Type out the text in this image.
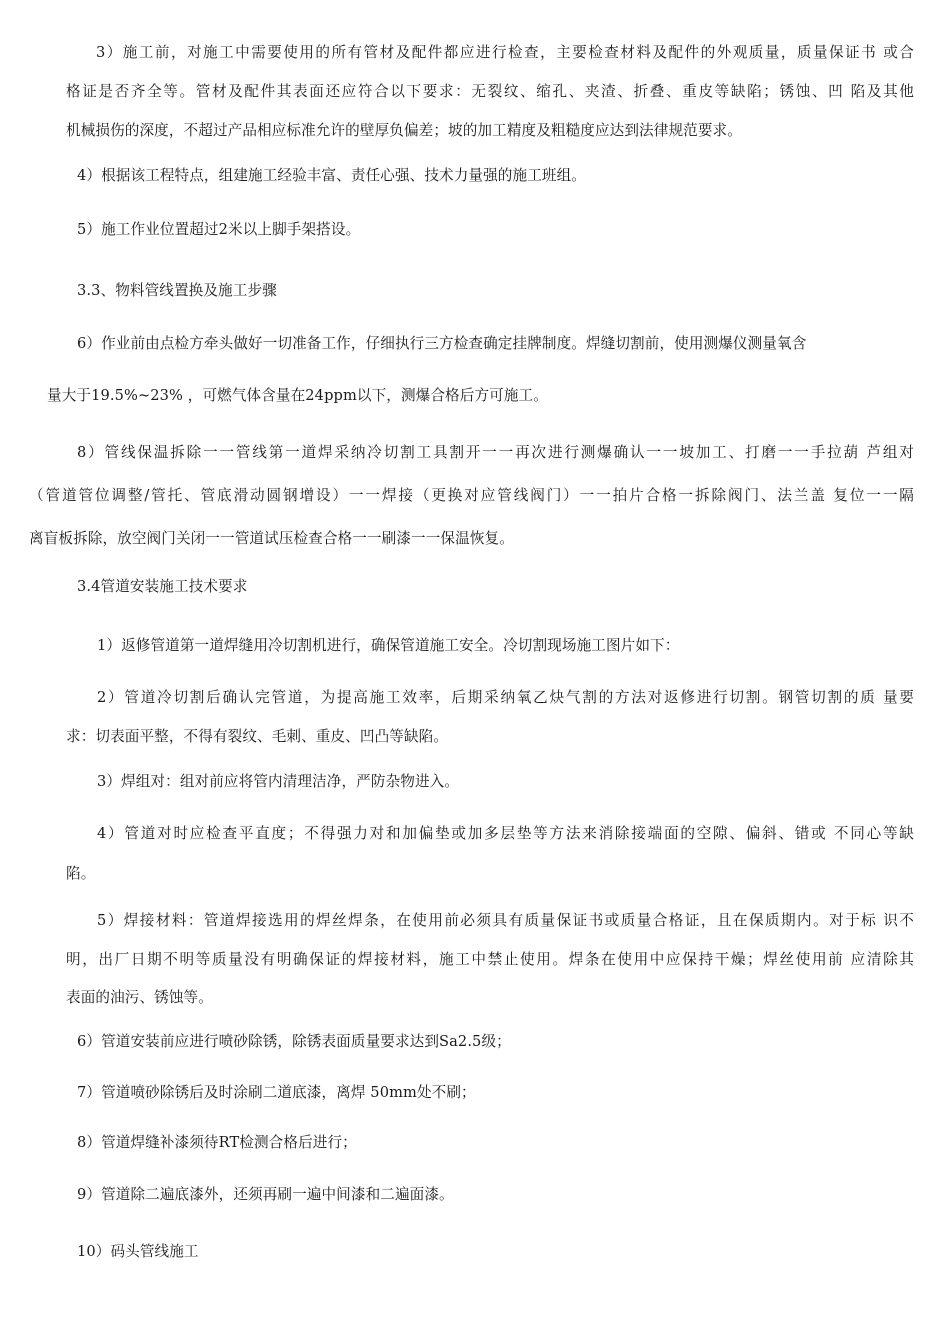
3）施工前，对施工中需要使用的所有管材及配件都应进行检查，主要检查材料及配件的外观质量，质量保证书 或合
格证是否齐全等。管材及配件其表面还应符合以下要求：无裂纹、缩孔、夹渣、折叠、重皮等缺陷；锈蚀、凹 陷及其他
机械损伤的深度，不超过产品相应标准允许的壁厚负偏差；坡的加工精度及粗糙度应达到法律规范要求。
4）根据该工程特点，组建施工经验丰富、责任心强、技术力量强的施工班组。
5）施工作业位置超过2米以上脚手架搭设。
3.3、物料管线置换及施工步骤
6）作业前由点检方牵头做好一切准备工作，仔细执行三方检查确定挂牌制度。焊缝切割前，使用测爆仪测量氧含
量大于19.5%~23% ，可燃气体含量在24ppm以下，测爆合格后方可施工。
8）管线保温拆除一一管线第一道焊采纳冷切割工具割开一一再次进行测爆确认一一坡加工、打磨一一手拉葫 芦组对
（管道管位调整/管托、管底滑动圆钢增设）一一焊接（更换对应管线阀门）一一拍片合格一拆除阀门、法兰盖 复位一一隔
离盲板拆除，放空阀门关闭一一管道试压检查合格一一刷漆一一保温恢复。
3.4管道安装施工技术要求
1）返修管道第一道焊缝用冷切割机进行，确保管道施工安全。冷切割现场施工图片如下：
2）管道冷切割后确认完管道，为提高施工效率，后期采纳氧乙炔气割的方法对返修进行切割。钢管切割的质 量要
求：切表面平整，不得有裂纹、毛刺、重皮、凹凸等缺陷。
3）焊组对：组对前应将管内清理洁净，严防杂物进入。
4）管道对时应检查平直度；不得强力对和加偏垫或加多层垫等方法来消除接端面的空隙、偏斜、错或 不同心等缺
陷。
5）焊接材料：管道焊接选用的焊丝焊条，在使用前必须具有质量保证书或质量合格证，且在保质期内。对于标 识不
明，出厂日期不明等质量没有明确保证的焊接材料，施工中禁止使用。焊条在使用中应保持干燥；焊丝使用前 应清除其
表面的油污、锈蚀等。
6）管道安装前应进行喷砂除锈，除锈表面质量要求达到Sa2.5级；
7）管道喷砂除锈后及时涂刷二道底漆，离焊 50mm处不刷；
8）管道焊缝补漆须待RT检测合格后进行；
9）管道除二遍底漆外，还须再刷一遍中间漆和二遍面漆。
10）码头管线施工
